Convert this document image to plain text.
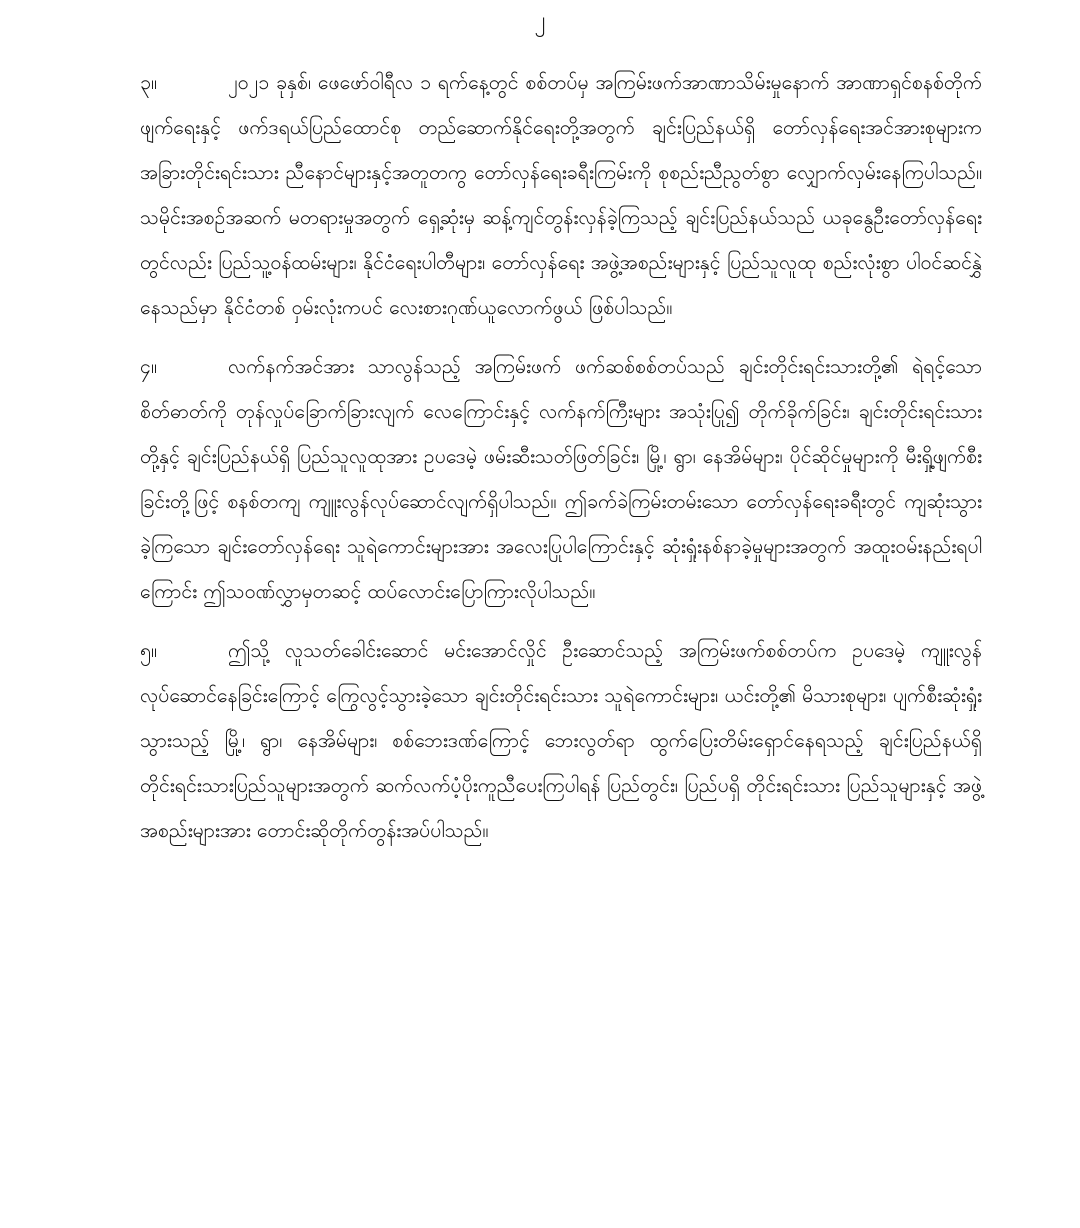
၂

၃။	၂၀၂၁ ခုနှစ်၊ ဖေဖော်ဝါရီလ ၁ ရက်နေ့တွင် စစ်တပ်မှ အကြမ်းဖက်အာဏာသိမ်းမှုနောက် အာဏာရှင်စနစ်တိုက်ဖျက်ရေးနှင့် ဖက်ဒရယ်ပြည်ထောင်စု တည်ဆောက်နိုင်ရေးတို့အတွက် ချင်းပြည်နယ်ရှိ တော်လှန်ရေးအင်အားစုများက အခြားတိုင်းရင်းသား ညီနောင်များနှင့်အတူတကွ တော်လှန်ရေးခရီးကြမ်းကို စုစည်းညီညွတ်စွာ လျှောက်လှမ်းနေကြပါသည်။ သမိုင်းအစဉ်အဆက် မတရားမှုအတွက် ရှေ့ဆုံးမှ ဆန့်ကျင်တွန်းလှန်ခဲ့ကြသည့် ချင်းပြည်နယ်သည် ယခုနွေဦးတော်လှန်ရေးတွင်လည်း ပြည်သူ့ဝန်ထမ်းများ၊ နိုင်ငံရေးပါတီများ၊ တော်လှန်ရေး အဖွဲ့အစည်းများနှင့် ပြည်သူလူထု စည်းလုံးစွာ ပါဝင်ဆင်နွှဲနေသည်မှာ နိုင်ငံတစ် ဝှမ်းလုံးကပင် လေးစားဂုဏ်ယူလောက်ဖွယ် ဖြစ်ပါသည်။

၄။	လက်နက်အင်အား သာလွန်သည့် အကြမ်းဖက် ဖက်ဆစ်စစ်တပ်သည် ချင်းတိုင်းရင်းသားတို့၏ ရဲရင့်သော စိတ်ဓာတ်ကို တုန်လှုပ်ခြောက်ခြားလျက် လေကြောင်းနှင့် လက်နက်ကြီးများ အသုံးပြု၍ တိုက်ခိုက်ခြင်း၊ ချင်းတိုင်းရင်းသားတို့နှင့် ချင်းပြည်နယ်ရှိ ပြည်သူလူထုအား ဥပဒေမဲ့ ဖမ်းဆီးသတ်ဖြတ်ခြင်း၊ မြို့၊ ရွာ၊ နေအိမ်များ၊ ပိုင်ဆိုင်မှုများကို မီးရှို့ဖျက်စီးခြင်းတို့ဖြင့် စနစ်တကျ ကျူးလွန်လုပ်ဆောင်လျက်ရှိပါသည်။ ဤခက်ခဲကြမ်းတမ်းသော တော်လှန်ရေးခရီးတွင် ကျဆုံးသွားခဲ့ကြသော ချင်းတော်လှန်ရေး သူရဲကောင်းများအား အလေးပြုပါကြောင်းနှင့် ဆုံးရှုံးနစ်နာခဲ့မှုများအတွက် အထူးဝမ်းနည်းရပါကြောင်း ဤသဝဏ်လွှာမှတဆင့် ထပ်လောင်းပြောကြားလိုပါသည်။

၅။	ဤသို့ လူသတ်ခေါင်းဆောင် မင်းအောင်လှိုင် ဦးဆောင်သည့် အကြမ်းဖက်စစ်တပ်က ဥပဒေမဲ့ ကျူးလွန်လုပ်ဆောင်နေခြင်းကြောင့် ကြွေလွင့်သွားခဲ့သော ချင်းတိုင်းရင်းသား သူရဲကောင်းများ၊ ယင်းတို့၏ မိသားစုများ၊ ပျက်စီးဆုံးရှုံးသွားသည့် မြို့၊ ရွာ၊ နေအိမ်များ၊ စစ်ဘေးဒဏ်ကြောင့် ဘေးလွတ်ရာ ထွက်ပြေးတိမ်းရှောင်နေရသည့် ချင်းပြည်နယ်ရှိ တိုင်းရင်းသားပြည်သူများအတွက် ဆက်လက်ပံ့ပိုးကူညီပေးကြပါရန် ပြည်တွင်း၊ ပြည်ပရှိ တိုင်းရင်းသား ပြည်သူများနှင့် အဖွဲ့အစည်းများအား တောင်းဆိုတိုက်တွန်းအပ်ပါသည်။
